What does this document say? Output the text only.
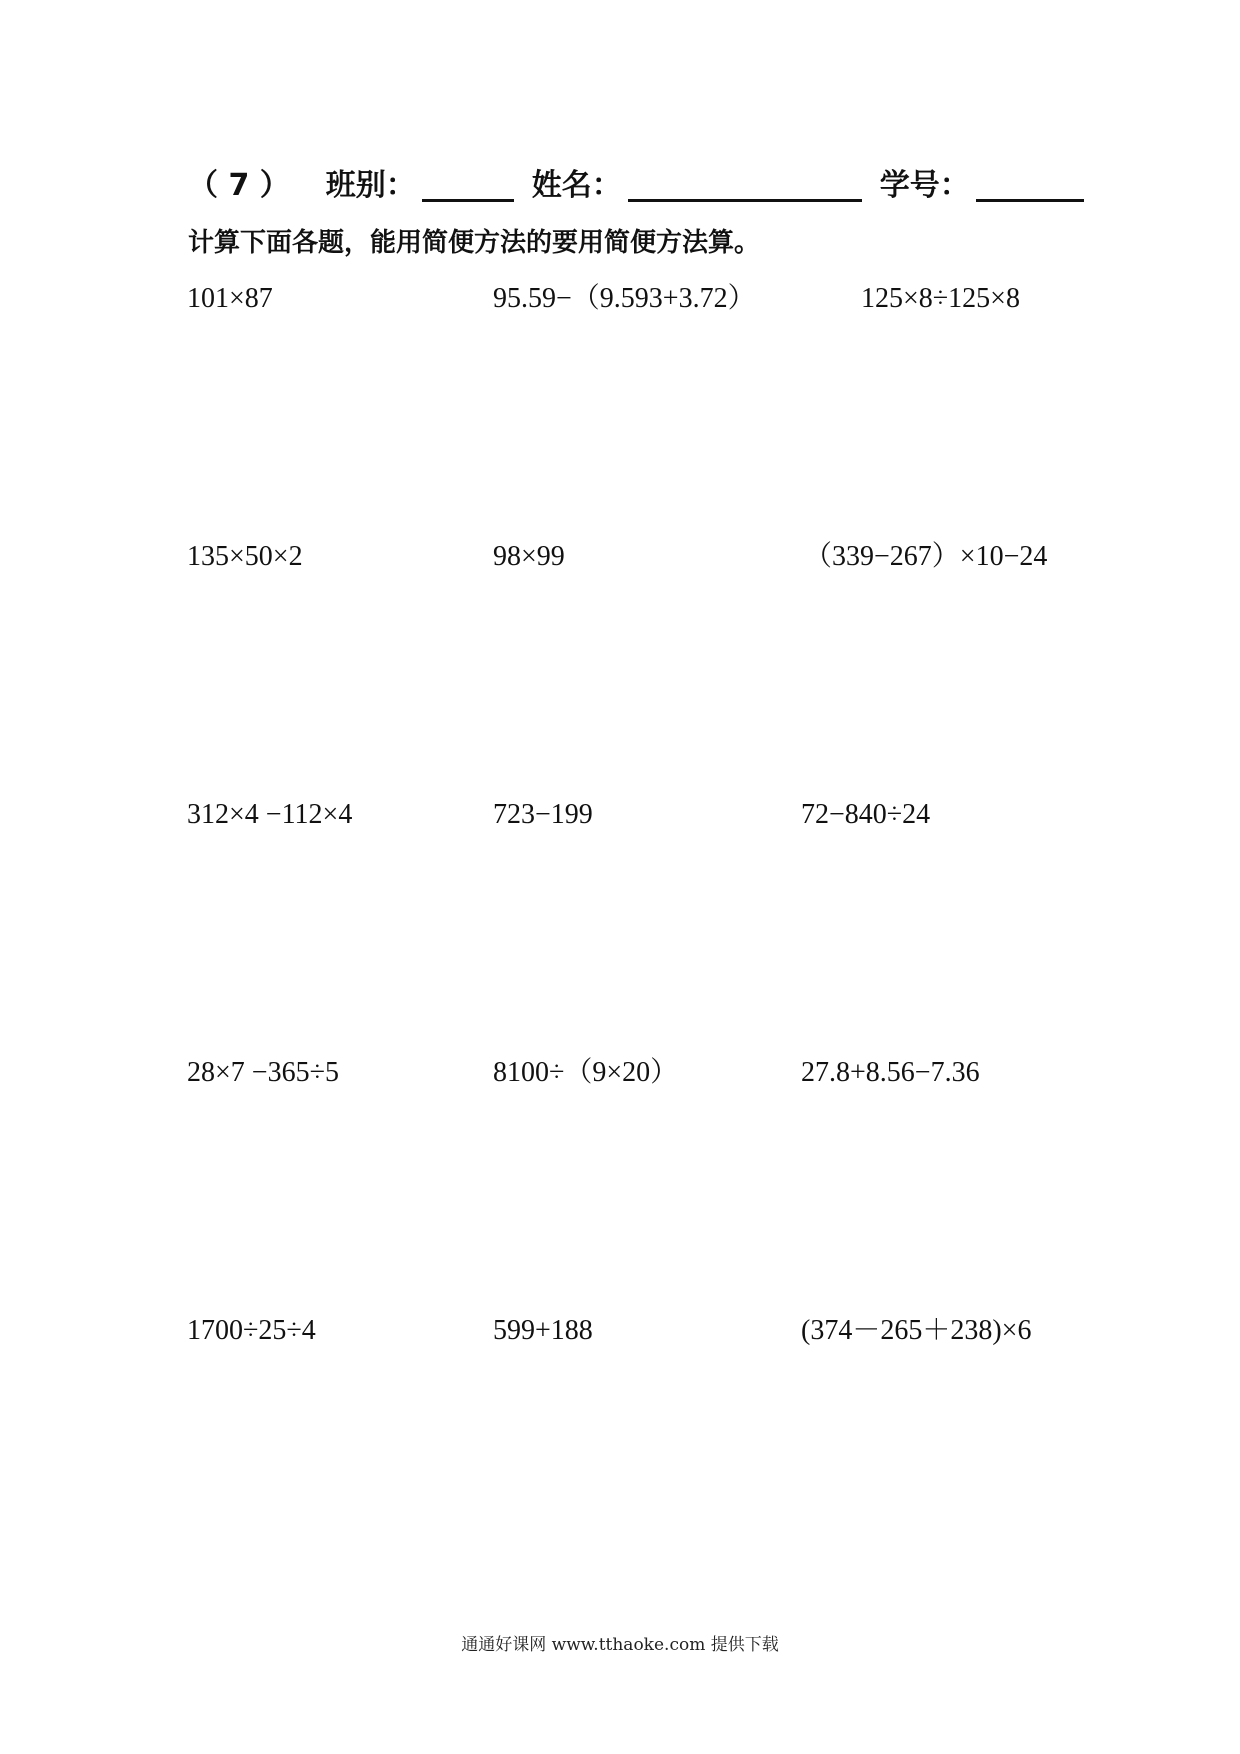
（ 7 ） 班别：	姓名：	学号：
计算下面各题，能用简便方法的要用简便方法算。
101×87	95.59−（9.593+3.72）	125×8÷125×8
135×50×2	98×99	（339−267）×10−24
312×4 −112×4	723−199	72−840÷24
28×7 −365÷5	8100÷（9×20）	27.8+8.56−7.36
1700÷25÷4	599+188	(374－265＋238)×6
通通好课网 www.tthaoke.com 提供下载
